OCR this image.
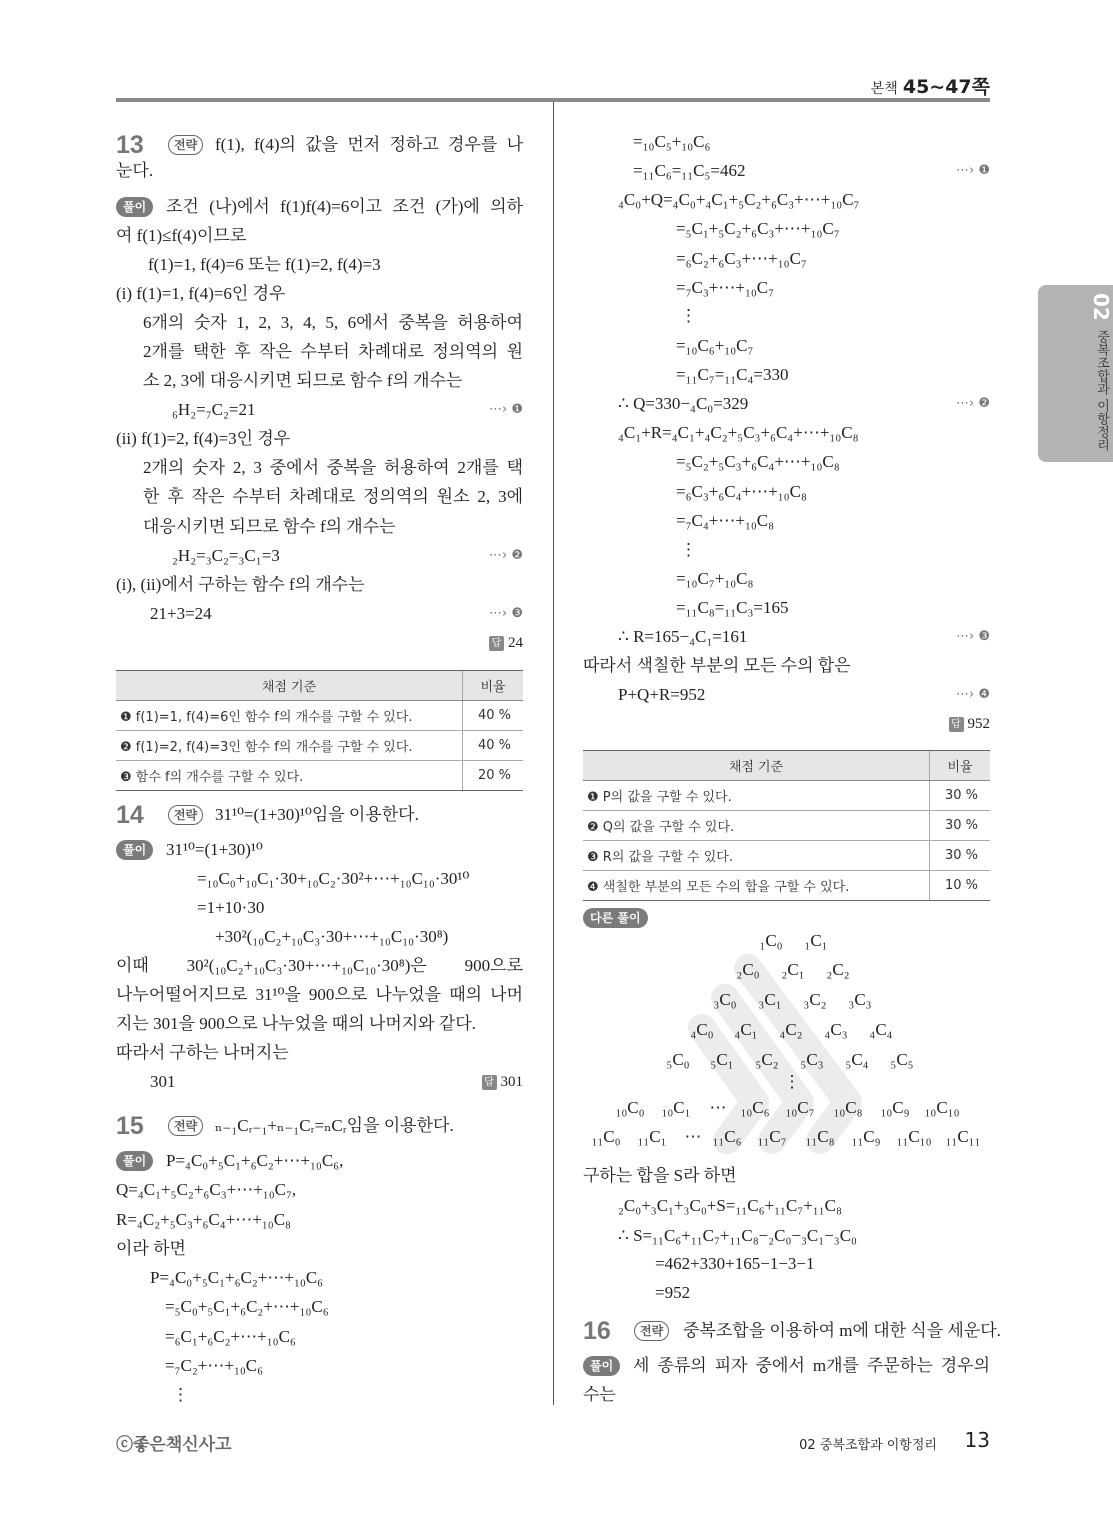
본책 45~47쪽
02 중복조합과 이항정리
13	전략
풀이
답 24
채점 기준	비율
❶ f(1)=1, f(4)=6인 함수 f의 개수를 구할 수 있다.	40 %
❷ f(1)=2, f(4)=3인 함수 f의 개수를 구할 수 있다.	40 %
❸ 함수 f의 개수를 구할 수 있다.	20 %
14	전략
풀이
답 301
15	전략
풀이
답 952
채점 기준	비율
❶ P의 값을 구할 수 있다.	30 %
❷ Q의 값을 구할 수 있다.	30 %
❸ R의 값을 구할 수 있다.	30 %
❹ 색칠한 부분의 모든 수의 합을 구할 수 있다.	10 %
다른 풀이
₁C₀ ₁C₁
₂C₀ ₂C₁ ₂C₂
₃C₀ ₃C₁ ₃C₂ ₃C₃
₄C₀ ₄C₁ ₄C₂ ₄C₃ ₄C₄
₅C₀ ₅C₁ ₅C₂ ₅C₃ ₅C₄ ₅C₅
⋮
₁₀C₀ ₁₀C₁ ⋯ ₁₀C₆ ₁₀C₇ ₁₀C₈ ₁₀C₉ ₁₀C₁₀
₁₁C₀ ₁₁C₁ ⋯ ₁₁C₆ ₁₁C₇ ₁₁C₈ ₁₁C₉ ₁₁C₁₀ ₁₁C₁₁
16	전략
풀이
f(1), f(4)의 값을 먼저 정하고 경우를 나
눈다.
조건 (나)에서 f(1)f(4)=6이고 조건 (가)에 의하
여 f(1)≤f(4)이므로
f(1)=1, f(4)=6 또는 f(1)=2, f(4)=3
(i) f(1)=1, f(4)=6인 경우
6개의 숫자 1, 2, 3, 4, 5, 6에서 중복을 허용하여
2개를 택한 후 작은 수부터 차례대로 정의역의 원
소 2, 3에 대응시키면 되므로 함수 f의 개수는
₆H₂=₇C₂=21
(ii) f(1)=2, f(4)=3인 경우
2개의 숫자 2, 3 중에서 중복을 허용하여 2개를 택
한 후 작은 수부터 차례대로 정의역의 원소 2, 3에
대응시키면 되므로 함수 f의 개수는
₂H₂=₃C₂=₃C₁=3
(i), (ii)에서 구하는 함수 f의 개수는
21+3=24
31¹⁰=(1+30)¹⁰임을 이용한다.
31¹⁰=(1+30)¹⁰
=₁₀C₀+₁₀C₁·30+₁₀C₂·30²+⋯+₁₀C₁₀·30¹⁰
=1+10·30
+30²(₁₀C₂+₁₀C₃·30+⋯+₁₀C₁₀·30⁸)
이때 30²(₁₀C₂+₁₀C₃·30+⋯+₁₀C₁₀·30⁸)은 900으로
나누어떨어지므로 31¹⁰을 900으로 나누었을 때의 나머
지는 301을 900으로 나누었을 때의 나머지와 같다.
따라서 구하는 나머지는
301
ₙ₋₁Cᵣ₋₁+ₙ₋₁Cᵣ=ₙCᵣ임을 이용한다.
P=₄C₀+₅C₁+₆C₂+⋯+₁₀C₆,
Q=₄C₁+₅C₂+₆C₃+⋯+₁₀C₇,
R=₄C₂+₅C₃+₆C₄+⋯+₁₀C₈
이라 하면
P=₄C₀+₅C₁+₆C₂+⋯+₁₀C₆
=₅C₀+₅C₁+₆C₂+⋯+₁₀C₆
=₆C₁+₆C₂+⋯+₁₀C₆
=₇C₂+⋯+₁₀C₆
⋮
=₁₀C₅+₁₀C₆
=₁₁C₆=₁₁C₅=462
₄C₀+Q=₄C₀+₄C₁+₅C₂+₆C₃+⋯+₁₀C₇
=₅C₁+₅C₂+₆C₃+⋯+₁₀C₇
=₆C₂+₆C₃+⋯+₁₀C₇
=₇C₃+⋯+₁₀C₇
⋮
=₁₀C₆+₁₀C₇
=₁₁C₇=₁₁C₄=330
∴ Q=330−₄C₀=329
₄C₁+R=₄C₁+₄C₂+₅C₃+₆C₄+⋯+₁₀C₈
=₅C₂+₅C₃+₆C₄+⋯+₁₀C₈
=₆C₃+₆C₄+⋯+₁₀C₈
=₇C₄+⋯+₁₀C₈
⋮
=₁₀C₇+₁₀C₈
=₁₁C₈=₁₁C₃=165
∴ R=165−₄C₁=161
따라서 색칠한 부분의 모든 수의 합은
P+Q+R=952
구하는 합을 S라 하면
₂C₀+₃C₁+₃C₀+S=₁₁C₆+₁₁C₇+₁₁C₈
∴ S=₁₁C₆+₁₁C₇+₁₁C₈−₂C₀−₃C₁−₃C₀
=462+330+165−1−3−1
=952
중복조합을 이용하여 m에 대한 식을 세운다.
세 종류의 피자 중에서 m개를 주문하는 경우의
수는
⋯› ❶
⋯› ❷
⋯› ❸
⋯› ❶
⋯› ❷
⋯› ❸
⋯› ❹
ⓒ좋은책신사고	02 중복조합과 이항정리 13
